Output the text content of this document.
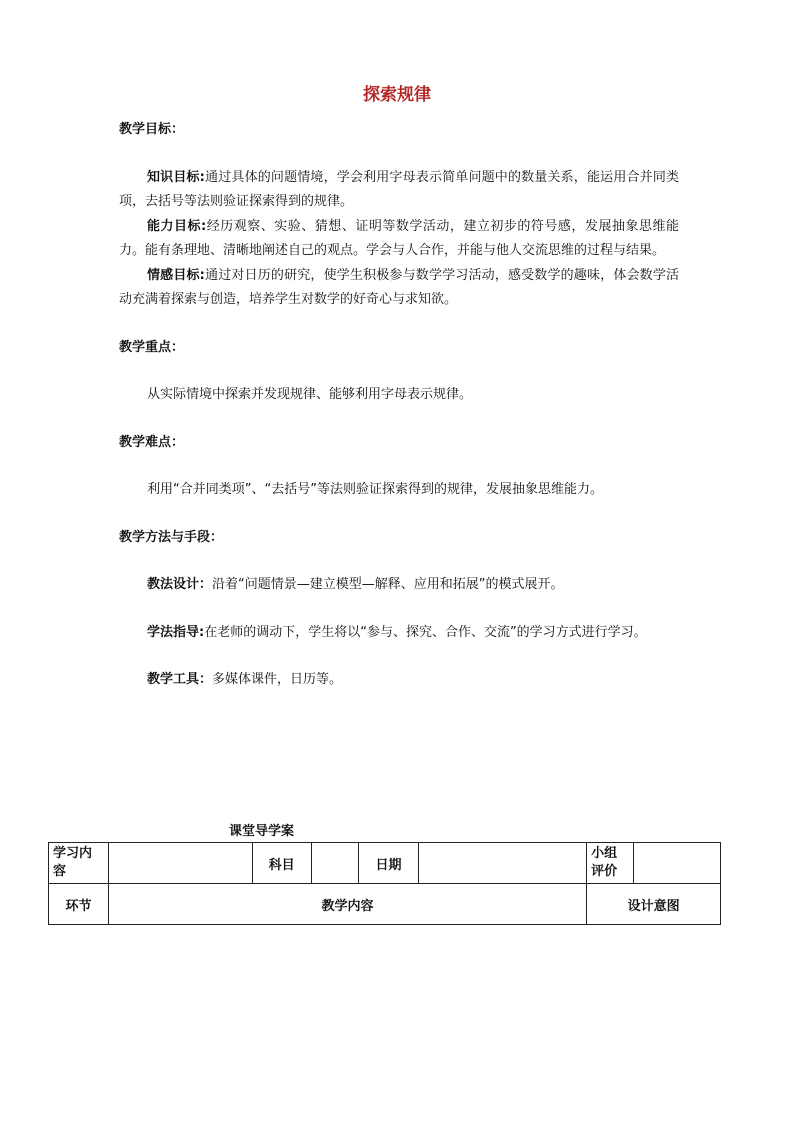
探索规律
教学目标：

知识目标:通过具体的问题情境，学会利用字母表示简单问题中的数量关系，能运用合并同类项，去括号等法则验证探索得到的规律。

能力目标:经历观察、实验、猜想、证明等数学活动，建立初步的符号感，发展抽象思维能力。能有条理地、清晰地阐述自己的观点。学会与人合作，并能与他人交流思维的过程与结果。

情感目标:通过对日历的研究，使学生积极参与数学学习活动，感受数学的趣味，体会数学活动充满着探索与创造，培养学生对数学的好奇心与求知欲。

教学重点：

从实际情境中探索并发现规律、能够利用字母表示规律。

教学难点：

利用“合并同类项”、“去括号”等法则验证探索得到的规律，发展抽象思维能力。

教学方法与手段：

教法设计：沿着“问题情景—建立模型—解释、应用和拓展”的模式展开。

学法指导:在老师的调动下，学生将以“参与、探究、合作、交流”的学习方式进行学习。

教学工具：多媒体课件，日历等。

课堂导学案
学习内容		科目		日期		小组评价	
环节	教学内容					设计意图	
